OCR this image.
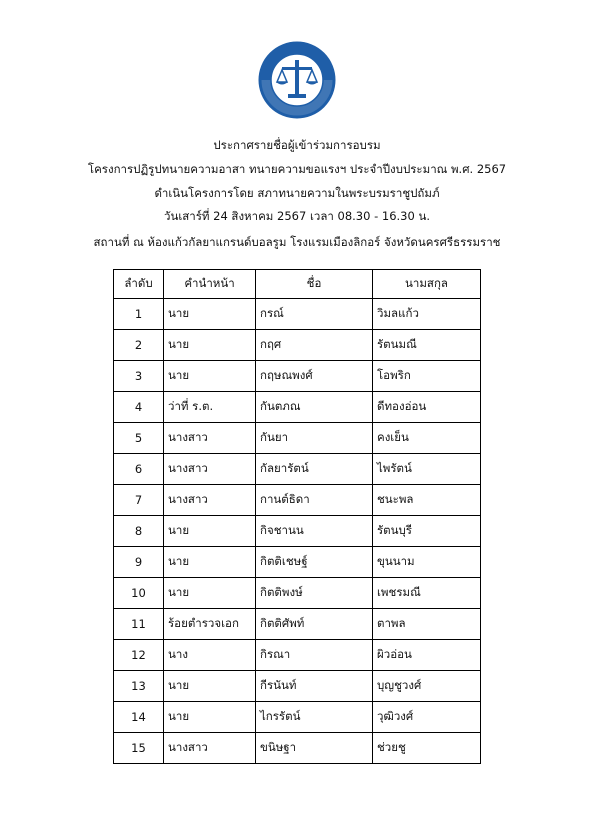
ประกาศรายชื่อผู้เข้าร่วมการอบรม
โครงการปฏิรูปทนายความอาสา ทนายความขอแรงฯ ประจำปีงบประมาณ พ.ศ. 2567
ดำเนินโครงการโดย สภาทนายความในพระบรมราชูปถัมภ์
วันเสาร์ที่ 24 สิงหาคม 2567 เวลา 08.30 - 16.30 น.
สถานที่ ณ ห้องแก้วกัลยาแกรนด์บอลรูม โรงแรมเมืองลิกอร์ จังหวัดนครศรีธรรมราช
ลำดับ	คำนำหน้า	ชื่อ	นามสกุล
1	นาย	กรณ์	วิมลแก้ว
2	นาย	กฤศ	รัตนมณี
3	นาย	กฤษณพงศ์	โอพริก
4	ว่าที่ ร.ต.	กันตภณ	ดีทองอ่อน
5	นางสาว	กันยา	คงเย็น
6	นางสาว	กัลยารัตน์	ไพรัตน์
7	นางสาว	กานต์ธิดา	ชนะพล
8	นาย	กิจชานน	รัตนบุรี
9	นาย	กิตติเชษฐ์	ขุนนาม
10	นาย	กิตติพงษ์	เพชรมณี
11	ร้อยตำรวจเอก	กิตติศัพท์	ตาพล
12	นาง	กิรณา	ผิวอ่อน
13	นาย	กีรนันท์	บุญชูวงศ์
14	นาย	ไกรรัตน์	วุฒิวงศ์
15	นางสาว	ขนิษฐา	ช่วยชู
